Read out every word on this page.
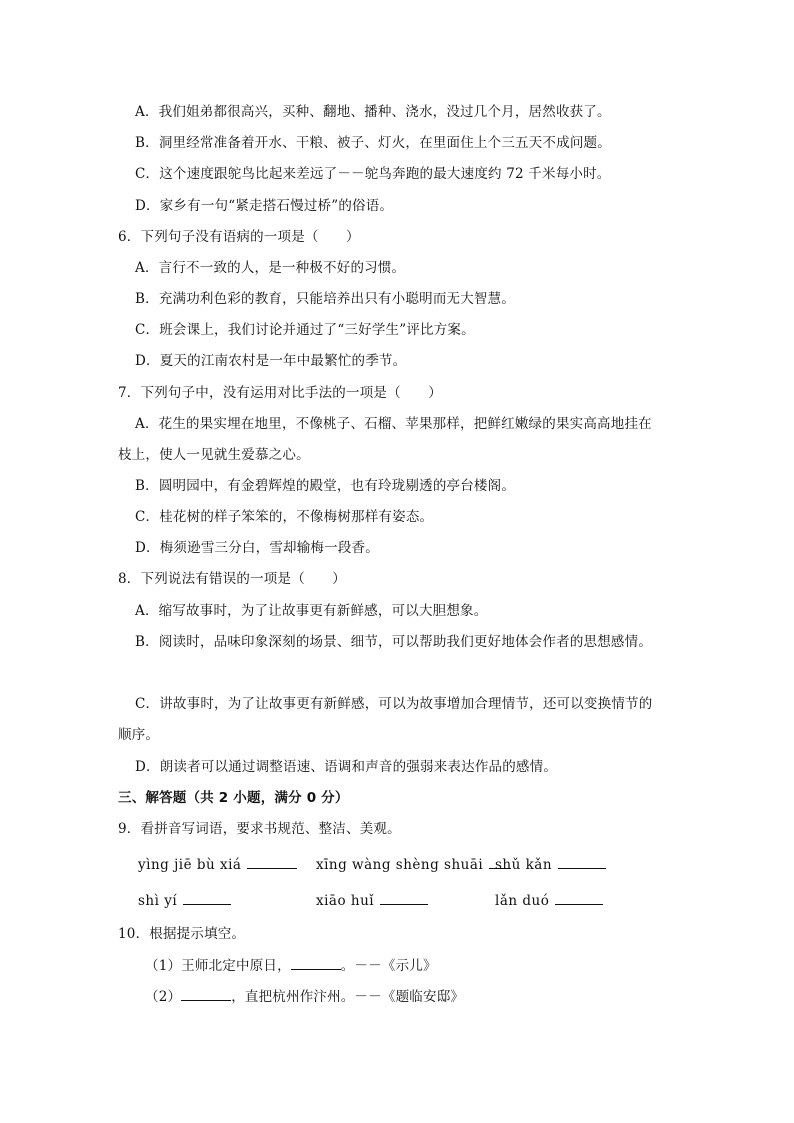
A．我们姐弟都很高兴，买种、翻地、播种、浇水，没过几个月，居然收获了。
B．洞里经常准备着开水、干粮、被子、灯火，在里面住上个三五天不成问题。
C．这个速度跟鸵鸟比起来差远了－－鸵鸟奔跑的最大速度约 72 千米每小时。
D．家乡有一句“紧走搭石慢过桥”的俗语。
6．下列句子没有语病的一项是（　　）
A．言行不一致的人，是一种极不好的习惯。
B．充满功利色彩的教育，只能培养出只有小聪明而无大智慧。
C．班会课上，我们讨论并通过了“三好学生”评比方案。
D．夏天的江南农村是一年中最繁忙的季节。
7．下列句子中，没有运用对比手法的一项是（　　）
A．花生的果实埋在地里，不像桃子、石榴、苹果那样，把鲜红嫩绿的果实高高地挂在
枝上，使人一见就生爱慕之心。
B．圆明园中，有金碧辉煌的殿堂，也有玲珑剔透的亭台楼阁。
C．桂花树的样子笨笨的，不像梅树那样有姿态。
D．梅须逊雪三分白，雪却输梅一段香。
8．下列说法有错误的一项是（　　）
A．缩写故事时，为了让故事更有新鲜感，可以大胆想象。
B．阅读时，品味印象深刻的场景、细节，可以帮助我们更好地体会作者的思想感情。
C．讲故事时，为了让故事更有新鲜感，可以为故事增加合理情节，还可以变换情节的
顺序。
D．朗读者可以通过调整语速、语调和声音的强弱来表达作品的感情。
三、解答题（共 2 小题，满分 0 分）
9．看拼音写词语，要求书规范、整洁、美观。
yìng jiē bù xiá	xīng wàng shèng shuāi shǔ kǎn
shì yí	xiāo huǐ	lǎn duó
10．根据提示填空。
（1）王师北定中原日，	。－－《示儿》
（2）	，直把杭州作汴州。－－《题临安邸》
